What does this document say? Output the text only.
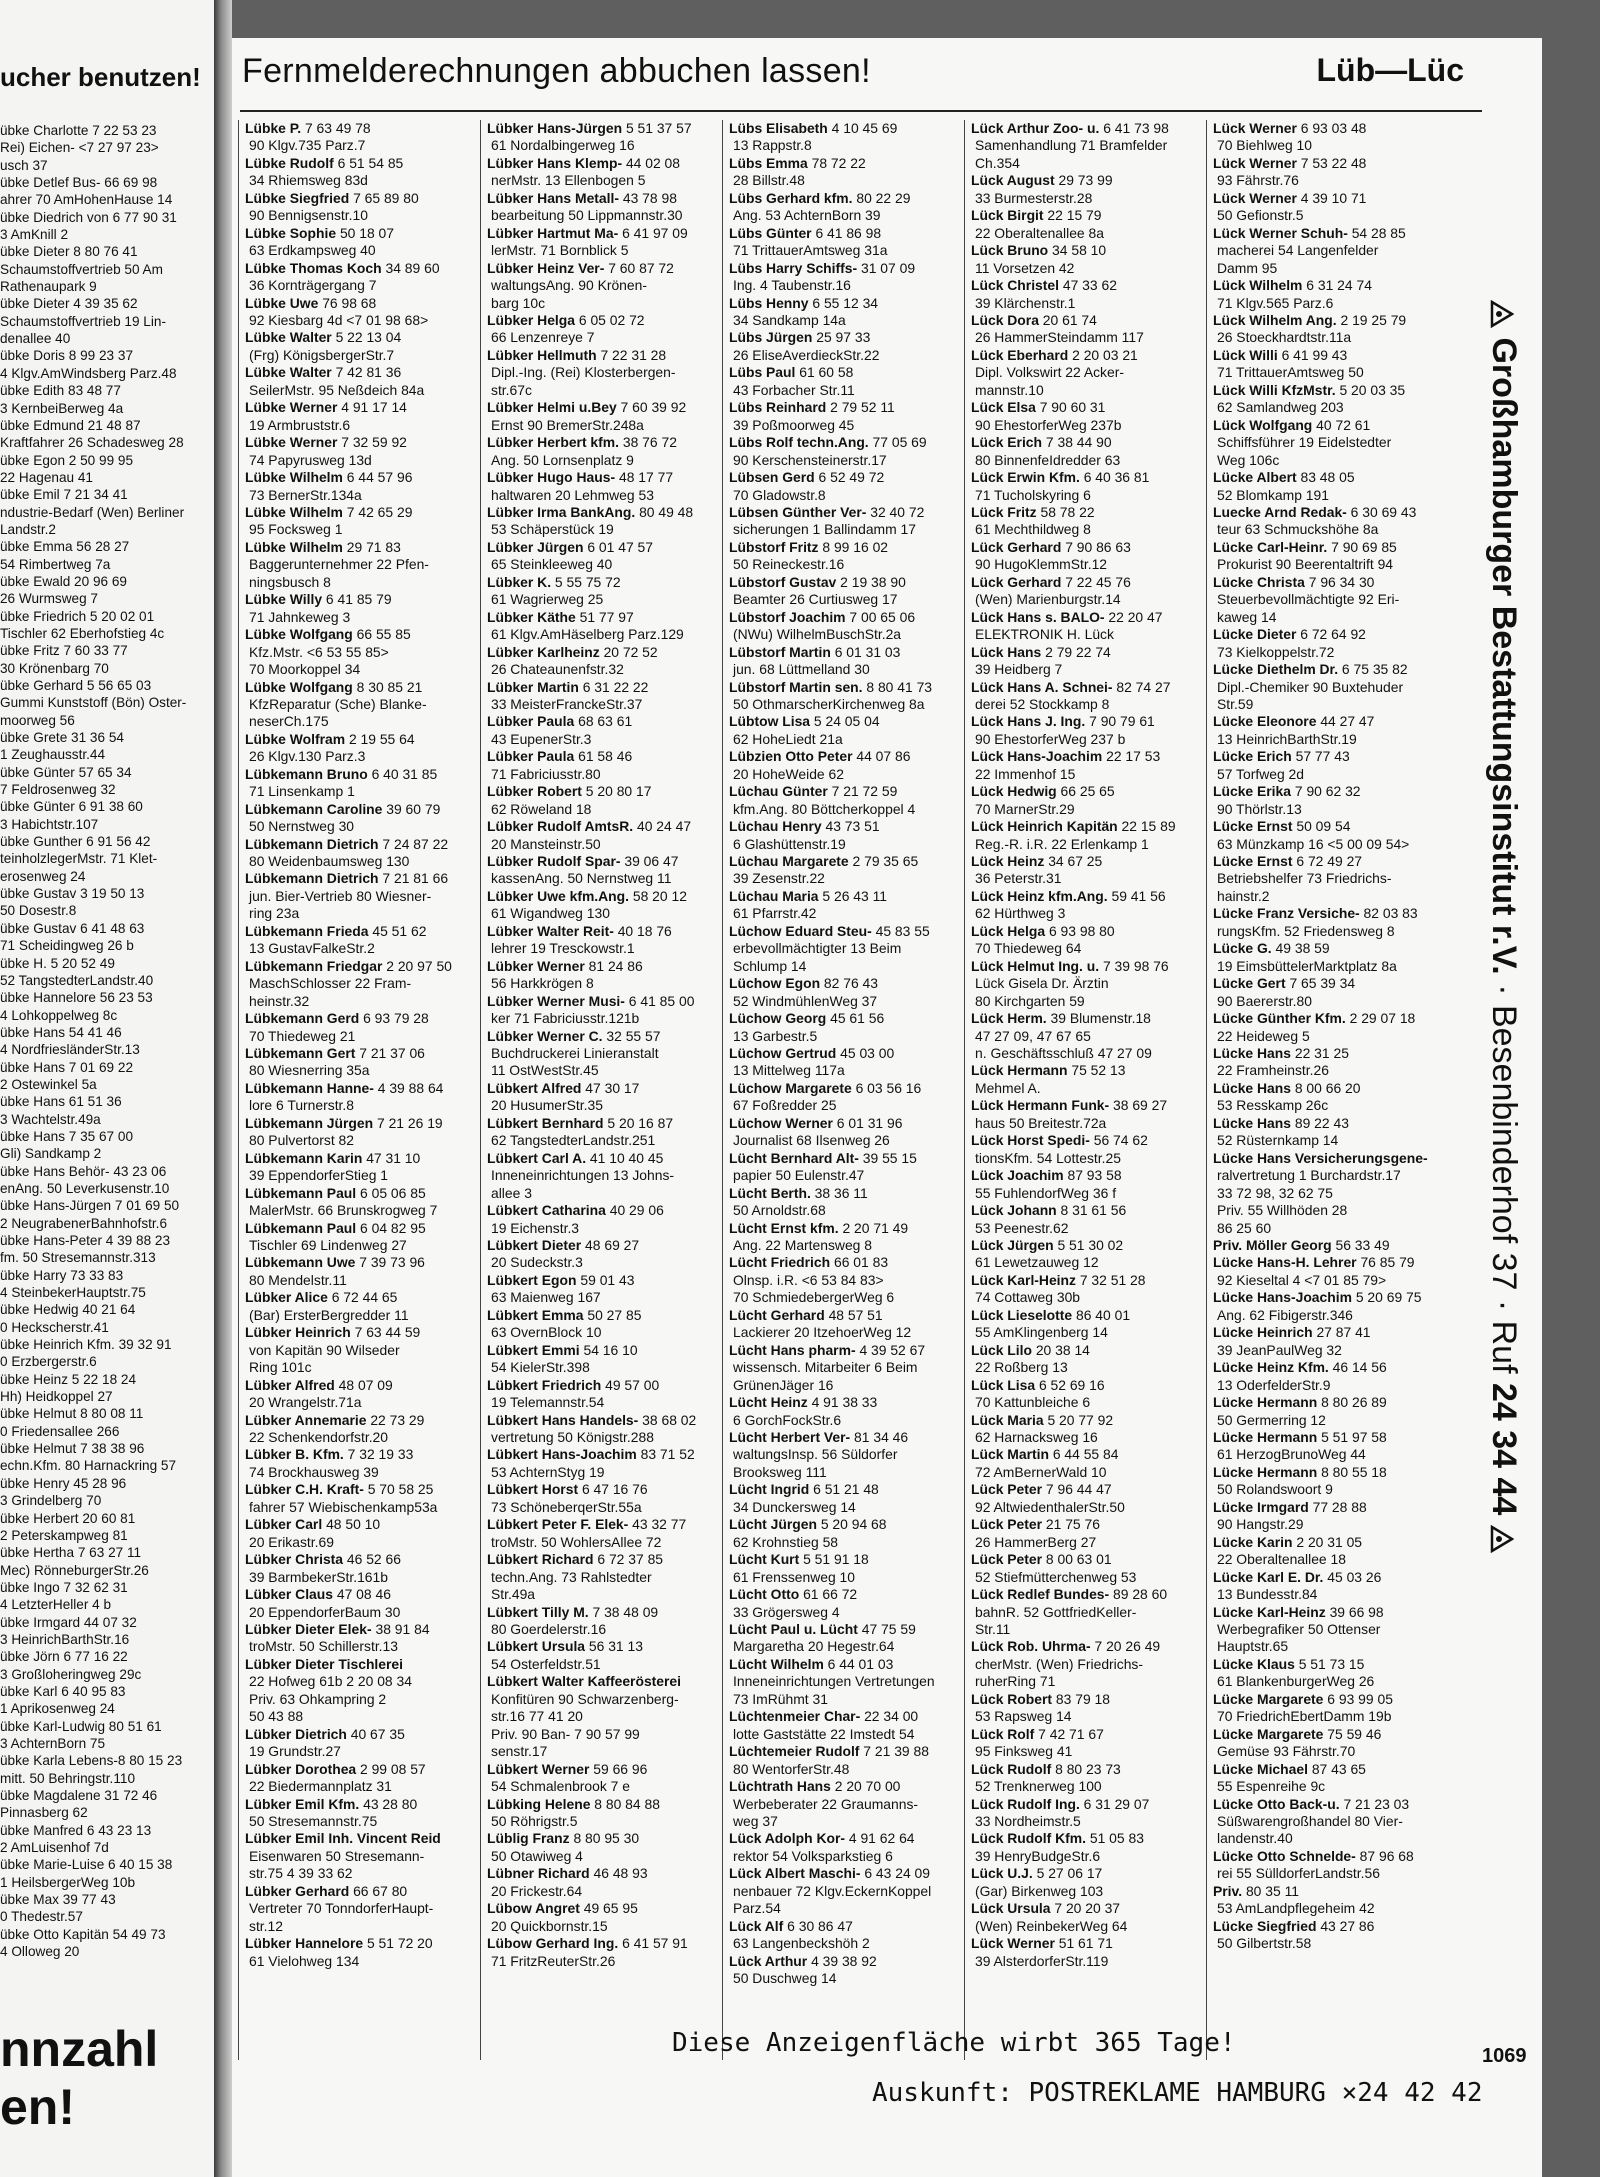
ucher benutzen!
übke Charlotte 7 22 53 23
Rei) Eichen- <7 27 97 23>
usch 37
übke Detlef Bus- 66 69 98
ahrer 70 AmHohenHause 14
übke Diedrich von 6 77 90 31
3 AmKnill 2
übke Dieter 8 80 76 41
Schaumstoffvertrieb 50 Am
Rathenaupark 9
übke Dieter 4 39 35 62
Schaumstoffvertrieb 19 Lin-
denallee 40
übke Doris 8 99 23 37
4 Klgv.AmWindsberg Parz.48
übke Edith 83 48 77
3 KernbeiBerweg 4a
übke Edmund 21 48 87
Kraftfahrer 26 Schadesweg 28
übke Egon 2 50 99 95
22 Hagenau 41
übke Emil 7 21 34 41
ndustrie-Bedarf (Wen) Berliner
Landstr.2
übke Emma 56 28 27
54 Rimbertweg 7a
übke Ewald 20 96 69
26 Wurmsweg 7
übke Friedrich 5 20 02 01
Tischler 62 Eberhofstieg 4c
übke Fritz 7 60 33 77
30 Krönenbarg 70
übke Gerhard 5 56 65 03
Gummi Kunststoff (Bön) Oster-
moorweg 56
übke Grete 31 36 54
1 Zeughausstr.44
übke Günter 57 65 34
7 Feldrosenweg 32
übke Günter 6 91 38 60
3 Habichtstr.107
übke Gunther 6 91 56 42
teinholzlegerMstr. 71 Klet-
erosenweg 24
übke Gustav 3 19 50 13
50 Dosestr.8
übke Gustav 6 41 48 63
71 Scheidingweg 26 b
übke H. 5 20 52 49
52 TangstedterLandstr.40
übke Hannelore 56 23 53
4 Lohkoppelweg 8c
übke Hans 54 41 46
4 NordfriesländerStr.13
übke Hans 7 01 69 22
2 Ostewinkel 5a
übke Hans 61 51 36
3 Wachtelstr.49a
übke Hans 7 35 67 00
Gli) Sandkamp 2
übke Hans Behör- 43 23 06
enAng. 50 Leverkusenstr.10
übke Hans-Jürgen 7 01 69 50
2 NeugrabenerBahnhofstr.6
übke Hans-Peter 4 39 88 23
fm. 50 Stresemannstr.313
übke Harry 73 33 83
4 SteinbekerHauptstr.75
übke Hedwig 40 21 64
0 Heckscherstr.41
übke Heinrich Kfm. 39 32 91
0 Erzbergerstr.6
übke Heinz 5 22 18 24
Hh) Heidkoppel 27
übke Helmut 8 80 08 11
0 Friedensallee 266
übke Helmut 7 38 38 96
echn.Kfm. 80 Harnackring 57
übke Henry 45 28 96
3 Grindelberg 70
übke Herbert 20 60 81
2 Peterskampweg 81
übke Hertha 7 63 27 11
Mec) RönneburgerStr.26
übke Ingo 7 32 62 31
4 LetzterHeller 4 b
übke Irmgard 44 07 32
3 HeinrichBarthStr.16
übke Jörn 6 77 16 22
3 Großloheringweg 29c
übke Karl 6 40 95 83
1 Aprikosenweg 24
übke Karl-Ludwig 80 51 61
3 AchternBorn 75
übke Karla Lebens-8 80 15 23
mitt. 50 Behringstr.110
übke Magdalene 31 72 46
Pinnasberg 62
übke Manfred 6 43 23 13
2 AmLuisenhof 7d
übke Marie-Luise 6 40 15 38
1 HeilsbergerWeg 10b
übke Max 39 77 43
0 Thedestr.57
übke Otto Kapitän 54 49 73
4 Olloweg 20
nnzahl en!
Fernmelderechnungen abbuchen lassen!	Lüb—Lüc
Lübke P. 7 63 49 78
90 Klgv.735 Parz.7
Lübke Rudolf 6 51 54 85
34 Rhiemsweg 83d
Lübke Siegfried 7 65 89 80
90 Bennigsenstr.10
Lübke Sophie 50 18 07
63 Erdkampsweg 40
Lübke Thomas Koch 34 89 60
36 Kornträgergang 7
Lübke Uwe 76 98 68
92 Kiesbarg 4d <7 01 98 68>
Lübke Walter 5 22 13 04
(Frg) KönigsbergerStr.7
Lübke Walter 7 42 81 36
SeilerMstr. 95 Neßdeich 84a
Lübke Werner 4 91 17 14
19 Armbruststr.6
Lübke Werner 7 32 59 92
74 Papyrusweg 13d
Lübke Wilhelm 6 44 57 96
73 BernerStr.134a
Lübke Wilhelm 7 42 65 29
95 Focksweg 1
Lübke Wilhelm 29 71 83
Baggerunternehmer 22 Pfen-
ningsbusch 8
Lübke Willy 6 41 85 79
71 Jahnkeweg 3
Lübke Wolfgang 66 55 85
Kfz.Mstr. <6 53 55 85>
70 Moorkoppel 34
Lübke Wolfgang 8 30 85 21
KfzReparatur (Sche) Blanke-
neserCh.175
Lübke Wolfram 2 19 55 64
26 Klgv.130 Parz.3
Lübkemann Bruno 6 40 31 85
71 Linsenkamp 1
Lübkemann Caroline 39 60 79
50 Nernstweg 30
Lübkemann Dietrich 7 24 87 22
80 Weidenbaumsweg 130
Lübkemann Dietrich 7 21 81 66
jun. Bier-Vertrieb 80 Wiesner-
ring 23a
Lübkemann Frieda 45 51 62
13 GustavFalkeStr.2
Lübkemann Friedgar 2 20 97 50
MaschSchlosser 22 Fram-
heinstr.32
Lübkemann Gerd 6 93 79 28
70 Thiedeweg 21
Lübkemann Gert 7 21 37 06
80 Wiesnerring 35a
Lübkemann Hanne- 4 39 88 64
lore 6 Turnerstr.8
Lübkemann Jürgen 7 21 26 19
80 Pulvertorst 82
Lübkemann Karin 47 31 10
39 EppendorferStieg 1
Lübkemann Paul 6 05 06 85
MalerMstr. 66 Brunskrogweg 7
Lübkemann Paul 6 04 82 95
Tischler 69 Lindenweg 27
Lübkemann Uwe 7 39 73 96
80 Mendelstr.11
Lübker Alice 6 72 44 65
(Bar) ErsterBergredder 11
Lübker Heinrich 7 63 44 59
von Kapitän 90 Wilseder
Ring 101c
Lübker Alfred 48 07 09
20 Wrangelstr.71a
Lübker Annemarie 22 73 29
22 Schenkendorfstr.20
Lübker B. Kfm. 7 32 19 33
74 Brockhausweg 39
Lübker C.H. Kraft- 5 70 58 25
fahrer 57 Wiebischenkamp53a
Lübker Carl 48 50 10
20 Erikastr.69
Lübker Christa 46 52 66
39 BarmbekerStr.161b
Lübker Claus 47 08 46
20 EppendorferBaum 30
Lübker Dieter Elek- 38 91 84
troMstr. 50 Schillerstr.13
Lübker Dieter Tischlerei
22 Hofweg 61b 2 20 08 34
Priv. 63 Ohkampring 2
50 43 88
Lübker Dietrich 40 67 35
19 Grundstr.27
Lübker Dorothea 2 99 08 57
22 Biedermannplatz 31
Lübker Emil Kfm. 43 28 80
50 Stresemannstr.75
Lübker Emil Inh. Vincent Reid
Eisenwaren 50 Stresemann-
str.75 4 39 33 62
Lübker Gerhard 66 67 80
Vertreter 70 TonndorferHaupt-
str.12
Lübker Hannelore 5 51 72 20
61 Vielohweg 134
Lübker Hans-Jürgen 5 51 37 57
61 Nordalbingerweg 16
Lübker Hans Klemp- 44 02 08
nerMstr. 13 Ellenbogen 5
Lübker Hans Metall- 43 78 98
bearbeitung 50 Lippmannstr.30
Lübker Hartmut Ma- 6 41 97 09
lerMstr. 71 Bornblick 5
Lübker Heinz Ver- 7 60 87 72
waltungsAng. 90 Krönen-
barg 10c
Lübker Helga 6 05 02 72
66 Lenzenreye 7
Lübker Hellmuth 7 22 31 28
Dipl.-Ing. (Rei) Klosterbergen-
str.67c
Lübker Helmi u.Bey 7 60 39 92
Ernst 90 BremerStr.248a
Lübker Herbert kfm. 38 76 72
Ang. 50 Lornsenplatz 9
Lübker Hugo Haus- 48 17 77
haltwaren 20 Lehmweg 53
Lübker Irma BankAng. 80 49 48
53 Schäperstück 19
Lübker Jürgen 6 01 47 57
65 Steinkleeweg 40
Lübker K. 5 55 75 72
61 Wagrierweg 25
Lübker Käthe 51 77 97
61 Klgv.AmHäselberg Parz.129
Lübker Karlheinz 20 72 52
26 Chateaunenfstr.32
Lübker Martin 6 31 22 22
33 MeisterFranckeStr.37
Lübker Paula 68 63 61
43 EupenerStr.3
Lübker Paula 61 58 46
71 Fabriciusstr.80
Lübker Robert 5 20 80 17
62 Röweland 18
Lübker Rudolf AmtsR. 40 24 47
20 Mansteinstr.50
Lübker Rudolf Spar- 39 06 47
kassenAng. 50 Nernstweg 11
Lübker Uwe kfm.Ang. 58 20 12
61 Wigandweg 130
Lübker Walter Reit- 40 18 76
lehrer 19 Tresckowstr.1
Lübker Werner 81 24 86
56 Harkkrögen 8
Lübker Werner Musi- 6 41 85 00
ker 71 Fabriciusstr.121b
Lübker Werner C. 32 55 57
Buchdruckerei Linieranstalt
11 OstWestStr.45
Lübkert Alfred 47 30 17
20 HusumerStr.35
Lübkert Bernhard 5 20 16 87
62 TangstedterLandstr.251
Lübkert Carl A. 41 10 40 45
Inneneinrichtungen 13 Johns-
allee 3
Lübkert Catharina 40 29 06
19 Eichenstr.3
Lübkert Dieter 48 69 27
20 Sudeckstr.3
Lübkert Egon 59 01 43
63 Maienweg 167
Lübkert Emma 50 27 85
63 OvernBlock 10
Lübkert Emmi 54 16 10
54 KielerStr.398
Lübkert Friedrich 49 57 00
19 Telemannstr.54
Lübkert Hans Handels- 38 68 02
vertretung 50 Königstr.288
Lübkert Hans-Joachim 83 71 52
53 AchternStyg 19
Lübkert Horst 6 47 16 76
73 SchöneberqerStr.55a
Lübkert Peter F. Elek- 43 32 77
troMstr. 50 WohlersAllee 72
Lübkert Richard 6 72 37 85
techn.Ang. 73 Rahlstedter
Str.49a
Lübkert Tilly M. 7 38 48 09
80 Goerdelerstr.16
Lübkert Ursula 56 31 13
54 Osterfeldstr.51
Lübkert Walter Kaffeerösterei
Konfitüren 90 Schwarzenberg-
str.16 77 41 20
Priv. 90 Ban- 7 90 57 99
senstr.17
Lübkert Werner 59 66 96
54 Schmalenbrook 7 e
Lübking Helene 8 80 84 88
50 Röhrigstr.5
Lüblig Franz 8 80 95 30
50 Otawiweg 4
Lübner Richard 46 48 93
20 Frickestr.64
Lübow Angret 49 65 95
20 Quickbornstr.15
Lübow Gerhard Ing. 6 41 57 91
71 FritzReuterStr.26
Lübs Elisabeth 4 10 45 69
13 Rappstr.8
Lübs Emma 78 72 22
28 Billstr.48
Lübs Gerhard kfm. 80 22 29
Ang. 53 AchternBorn 39
Lübs Günter 6 41 86 98
71 TrittauerAmtsweg 31a
Lübs Harry Schiffs- 31 07 09
Ing. 4 Taubenstr.16
Lübs Henny 6 55 12 34
34 Sandkamp 14a
Lübs Jürgen 25 97 33
26 EliseAverdieckStr.22
Lübs Paul 61 60 58
43 Forbacher Str.11
Lübs Reinhard 2 79 52 11
39 Poßmoorweg 45
Lübs Rolf techn.Ang. 77 05 69
90 Kerschensteinerstr.17
Lübsen Gerd 6 52 49 72
70 Gladowstr.8
Lübsen Günther Ver- 32 40 72
sicherungen 1 Ballindamm 17
Lübstorf Fritz 8 99 16 02
50 Reineckestr.16
Lübstorf Gustav 2 19 38 90
Beamter 26 Curtiusweg 17
Lübstorf Joachim 7 00 65 06
(NWu) WilhelmBuschStr.2a
Lübstorf Martin 6 01 31 03
jun. 68 Lüttmelland 30
Lübstorf Martin sen. 8 80 41 73
50 OthmarscherKirchenweg 8a
Lübtow Lisa 5 24 05 04
62 HoheLiedt 21a
Lübzien Otto Peter 44 07 86
20 HoheWeide 62
Lüchau Günter 7 21 72 59
kfm.Ang. 80 Böttcherkoppel 4
Lüchau Henry 43 73 51
6 Glashüttenstr.19
Lüchau Margarete 2 79 35 65
39 Zesenstr.22
Lüchau Maria 5 26 43 11
61 Pfarrstr.42
Lüchow Eduard Steu- 45 83 55
erbevollmächtigter 13 Beim
Schlump 14
Lüchow Egon 82 76 43
52 WindmühlenWeg 37
Lüchow Georg 45 61 56
13 Garbestr.5
Lüchow Gertrud 45 03 00
13 Mittelweg 117a
Lüchow Margarete 6 03 56 16
67 Foßredder 25
Lüchow Werner 6 01 31 96
Journalist 68 Ilsenweg 26
Lücht Bernhard Alt- 39 55 15
papier 50 Eulenstr.47
Lücht Berth. 38 36 11
50 Arnoldstr.68
Lücht Ernst kfm. 2 20 71 49
Ang. 22 Martensweg 8
Lücht Friedrich 66 01 83
Olnsp. i.R. <6 53 84 83>
70 SchmiedebergerWeg 6
Lücht Gerhard 48 57 51
Lackierer 20 ItzehoerWeg 12
Lücht Hans pharm- 4 39 52 67
wissensch. Mitarbeiter 6 Beim
GrünenJäger 16
Lücht Heinz 4 91 38 33
6 GorchFockStr.6
Lücht Herbert Ver- 81 34 46
waltungsInsp. 56 Süldorfer
Brooksweg 111
Lücht Ingrid 6 51 21 48
34 Dunckersweg 14
Lücht Jürgen 5 20 94 68
62 Krohnstieg 58
Lücht Kurt 5 51 91 18
61 Frenssenweg 10
Lücht Otto 61 66 72
33 Grögersweg 4
Lücht Paul u. Lücht 47 75 59
Margaretha 20 Hegestr.64
Lücht Wilhelm 6 44 01 03
Inneneinrichtungen Vertretungen
73 ImRühmt 31
Lüchtenmeier Char- 22 34 00
lotte Gaststätte 22 Imstedt 54
Lüchtemeier Rudolf 7 21 39 88
80 WentorferStr.48
Lüchtrath Hans 2 20 70 00
Werbeberater 22 Graumanns-
weg 37
Lück Adolph Kor- 4 91 62 64
rektor 54 Volksparkstieg 6
Lück Albert Maschi- 6 43 24 09
nenbauer 72 Klgv.EckernKoppel
Parz.54
Lück Alf 6 30 86 47
63 Langenbeckshöh 2
Lück Arthur 4 39 38 92
50 Duschweg 14
Lück Arthur Zoo- u. 6 41 73 98
Samenhandlung 71 Bramfelder
Ch.354
Lück August 29 73 99
33 Burmesterstr.28
Lück Birgit 22 15 79
22 Oberaltenallee 8a
Lück Bruno 34 58 10
11 Vorsetzen 42
Lück Christel 47 33 62
39 Klärchenstr.1
Lück Dora 20 61 74
26 HammerSteindamm 117
Lück Eberhard 2 20 03 21
Dipl. Volkswirt 22 Acker-
mannstr.10
Lück Elsa 7 90 60 31
90 EhestorferWeg 237b
Lück Erich 7 38 44 90
80 BinnenfeIdredder 63
Lück Erwin Kfm. 6 40 36 81
71 Tucholskyring 6
Lück Fritz 58 78 22
61 Mechthildweg 8
Lück Gerhard 7 90 86 63
90 HugoKlemmStr.12
Lück Gerhard 7 22 45 76
(Wen) Marienburgstr.14
Lück Hans s. BALO- 22 20 47
ELEKTRONIK H. Lück
Lück Hans 2 79 22 74
39 Heidberg 7
Lück Hans A. Schnei- 82 74 27
derei 52 Stockkamp 8
Lück Hans J. Ing. 7 90 79 61
90 EhestorferWeg 237 b
Lück Hans-Joachim 22 17 53
22 Immenhof 15
Lück Hedwig 66 25 65
70 MarnerStr.29
Lück Heinrich Kapitän 22 15 89
Reg.-R. i.R. 22 Erlenkamp 1
Lück Heinz 34 67 25
36 Peterstr.31
Lück Heinz kfm.Ang. 59 41 56
62 Hürthweg 3
Lück Helga 6 93 98 80
70 Thiedeweg 64
Lück Helmut Ing. u. 7 39 98 76
Lück Gisela Dr. Ärztin
80 Kirchgarten 59
Lück Herm. 39 Blumenstr.18
47 27 09, 47 67 65
n. Geschäftsschluß 47 27 09
Lück Hermann 75 52 13
Mehmel A.
Lück Hermann Funk- 38 69 27
haus 50 Breitestr.72a
Lück Horst Spedi- 56 74 62
tionsKfm. 54 Lottestr.25
Lück Joachim 87 93 58
55 FuhlendorfWeg 36 f
Lück Johann 8 31 61 56
53 Peenestr.62
Lück Jürgen 5 51 30 02
61 Lewetzauweg 12
Lück Karl-Heinz 7 32 51 28
74 Cottaweg 30b
Lück Lieselotte 86 40 01
55 AmKlingenberg 14
Lück Lilo 20 38 14
22 Roßberg 13
Lück Lisa 6 52 69 16
70 Kattunbleiche 6
Lück Maria 5 20 77 92
62 Harnacksweg 16
Lück Martin 6 44 55 84
72 AmBernerWald 10
Lück Peter 7 96 44 47
92 AltwiedenthalerStr.50
Lück Peter 21 75 76
26 HammerBerg 27
Lück Peter 8 00 63 01
52 Stiefmütterchenweg 53
Lück Redlef Bundes- 89 28 60
bahnR. 52 GottfriedKeller-
Str.11
Lück Rob. Uhrma- 7 20 26 49
cherMstr. (Wen) Friedrichs-
ruherRing 71
Lück Robert 83 79 18
53 Rapsweg 14
Lück Rolf 7 42 71 67
95 Finksweg 41
Lück Rudolf 8 80 23 73
52 Trenknerweg 100
Lück Rudolf Ing. 6 31 29 07
33 Nordheimstr.5
Lück Rudolf Kfm. 51 05 83
39 HenryBudgeStr.6
Lück U.J. 5 27 06 17
(Gar) Birkenweg 103
Lück Ursula 7 20 20 37
(Wen) ReinbekerWeg 64
Lück Werner 51 61 71
39 AlsterdorferStr.119
Lück Werner 6 93 03 48
70 Biehlweg 10
Lück Werner 7 53 22 48
93 Fährstr.76
Lück Werner 4 39 10 71
50 Gefionstr.5
Lück Werner Schuh- 54 28 85
macherei 54 Langenfelder
Damm 95
Lück Wilhelm 6 31 24 74
71 Klgv.565 Parz.6
Lück Wilhelm Ang. 2 19 25 79
26 Stoeckhardtstr.11a
Lück Willi 6 41 99 43
71 TrittauerAmtsweg 50
Lück Willi KfzMstr. 5 20 03 35
62 Samlandweg 203
Lück Wolfgang 40 72 61
Schiffsführer 19 Eidelstedter
Weg 106c
Lücke Albert 83 48 05
52 Blomkamp 191
Luecke Arnd Redak- 6 30 69 43
teur 63 Schmuckshöhe 8a
Lücke Carl-Heinr. 7 90 69 85
Prokurist 90 Beerentaltrift 94
Lücke Christa 7 96 34 30
Steuerbevollmächtigte 92 Eri-
kaweg 14
Lücke Dieter 6 72 64 92
73 Kielkoppelstr.72
Lücke Diethelm Dr. 6 75 35 82
Dipl.-Chemiker 90 Buxtehuder
Str.59
Lücke Eleonore 44 27 47
13 HeinrichBarthStr.19
Lücke Erich 57 77 43
57 Torfweg 2d
Lücke Erika 7 90 62 32
90 Thörlstr.13
Lücke Ernst 50 09 54
63 Münzkamp 16 <5 00 09 54>
Lücke Ernst 6 72 49 27
Betriebshelfer 73 Friedrichs-
hainstr.2
Lücke Franz Versiche- 82 03 83
rungsKfm. 52 Friedensweg 8
Lücke G. 49 38 59
19 EimsbüttelerMarktplatz 8a
Lücke Gert 7 65 39 34
90 Baererstr.80
Lücke Günther Kfm. 2 29 07 18
22 Heideweg 5
Lücke Hans 22 31 25
22 Framheinstr.26
Lücke Hans 8 00 66 20
53 Resskamp 26c
Lücke Hans 89 22 43
52 Rüsternkamp 14
Lücke Hans Versicherungsgene-
ralvertretung 1 Burchardstr.17
33 72 98, 32 62 75
Priv. 55 Willhöden 28
86 25 60
Priv. Möller Georg 56 33 49
Lücke Hans-H. Lehrer 76 85 79
92 Kieseltal 4 <7 01 85 79>
Lücke Hans-Joachim 5 20 69 75
Ang. 62 Fibigerstr.346
Lücke Heinrich 27 87 41
39 JeanPaulWeg 32
Lücke Heinz Kfm. 46 14 56
13 OderfelderStr.9
Lücke Hermann 8 80 26 89
50 Germerring 12
Lücke Hermann 5 51 97 58
61 HerzogBrunoWeg 44
Lücke Hermann 8 80 55 18
50 Rolandswoort 9
Lücke Irmgard 77 28 88
90 Hangstr.29
Lücke Karin 2 20 31 05
22 Oberaltenallee 18
Lücke Karl E. Dr. 45 03 26
13 Bundesstr.84
Lücke Karl-Heinz 39 66 98
Werbegrafiker 50 Ottenser
Hauptstr.65
Lücke Klaus 5 51 73 15
61 BlankenburgerWeg 26
Lücke Margarete 6 93 99 05
70 FriedrichEbertDamm 19b
Lücke Margarete 75 59 46
Gemüse 93 Fährstr.70
Lücke Michael 87 43 65
55 Espenreihe 9c
Lücke Otto Back-u. 7 21 23 03
Süßwarengroßhandel 80 Vier-
landenstr.40
Lücke Otto Schnelde- 87 96 68
rei 55 SülldorferLandstr.56
Priv. 80 35 11
53 AmLandpflegeheim 42
Lücke Siegfried 43 27 86
50 Gilbertstr.58
Diese Anzeigenfläche wirbt 365 Tage!
Auskunft: POSTREKLAME HAMBURG ×24 42 42
Großhamburger Bestattungsinstitut r.V. · Besenbinderhof 37 · Ruf 24 34 44
1069
